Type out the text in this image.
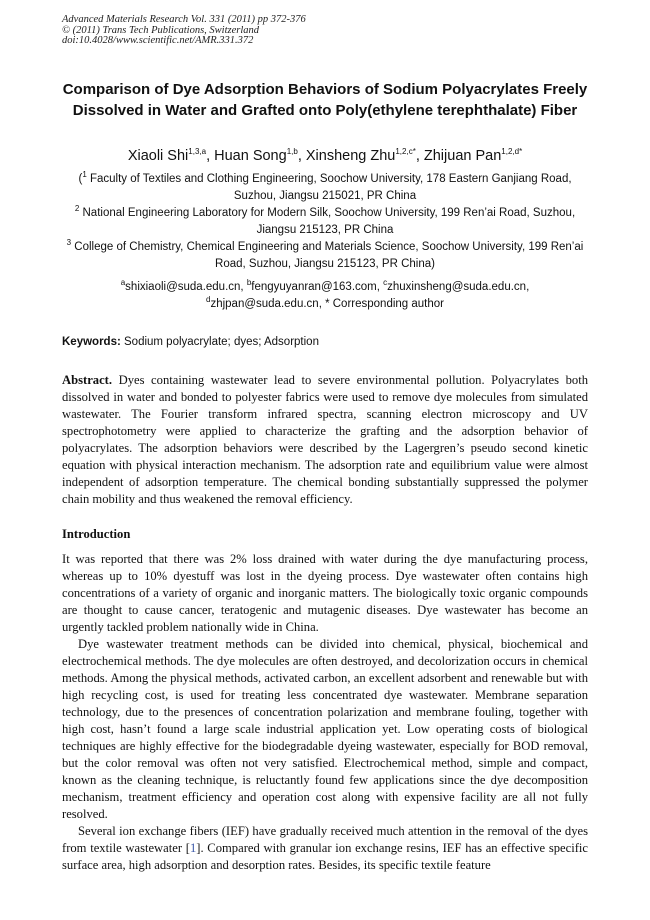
Advanced Materials Research Vol. 331 (2011) pp 372-376
© (2011) Trans Tech Publications, Switzerland
doi:10.4028/www.scientific.net/AMR.331.372
Comparison of Dye Adsorption Behaviors of Sodium Polyacrylates Freely Dissolved in Water and Grafted onto Poly(ethylene terephthalate) Fiber
Xiaoli Shi$^{1,3,a}$, Huan Song$^{1,b}$, Xinsheng Zhu$^{1,2,c*}$, Zhijuan Pan$^{1,2,d*}$
($^1$ Faculty of Textiles and Clothing Engineering, Soochow University, 178 Eastern Ganjiang Road, Suzhou, Jiangsu 215021, PR China
$^2$ National Engineering Laboratory for Modern Silk, Soochow University, 199 Ren’ai Road, Suzhou, Jiangsu 215123, PR China
$^3$ College of Chemistry, Chemical Engineering and Materials Science, Soochow University, 199 Ren’ai Road, Suzhou, Jiangsu 215123, PR China)
$^a$shixiaoli@suda.edu.cn, $^b$fengyuyanran@163.com, $^c$zhuxinsheng@suda.edu.cn,
$^d$zhjpan@suda.edu.cn, * Corresponding author
Keywords: Sodium polyacrylate; dyes; Adsorption

Abstract. Dyes containing wastewater lead to severe environmental pollution. Polyacrylates both dissolved in water and bonded to polyester fabrics were used to remove dye molecules from simulated wastewater. The Fourier transform infrared spectra, scanning electron microscopy and UV spectrophotometry were applied to characterize the grafting and the adsorption behavior of polyacrylates. The adsorption behaviors were described by the Lagergren’s pseudo second kinetic equation with physical interaction mechanism. The adsorption rate and equilibrium value were almost independent of adsorption temperature. The chemical bonding substantially suppressed the polymer chain mobility and thus weakened the removal efficiency.

Introduction

It was reported that there was 2% loss drained with water during the dye manufacturing process, whereas up to 10% dyestuff was lost in the dyeing process. Dye wastewater often contains high concentrations of a variety of organic and inorganic matters. The biologically toxic organic compounds are thought to cause cancer, teratogenic and mutagenic diseases. Dye wastewater has become an urgently tackled problem nationally wide in China.

Dye wastewater treatment methods can be divided into chemical, physical, biochemical and electrochemical methods. The dye molecules are often destroyed, and decolorization occurs in chemical methods. Among the physical methods, activated carbon, an excellent adsorbent and renewable but with high recycling cost, is used for treating less concentrated dye wastewater. Membrane separation technology, due to the presences of concentration polarization and membrane fouling, together with high cost, hasn’t found a large scale industrial application yet. Low operating costs of biological techniques are highly effective for the biodegradable dyeing wastewater, especially for BOD removal, but the color removal was often not very satisfied. Electrochemical method, simple and compact, known as the cleaning technique, is reluctantly found few applications since the dye decomposition mechanism, treatment efficiency and operation cost along with expensive facility are all not fully resolved.

Several ion exchange fibers (IEF) have gradually received much attention in the removal of the dyes from textile wastewater [1]. Compared with granular ion exchange resins, IEF has an effective specific surface area, high adsorption and desorption rates. Besides, its specific textile feature
